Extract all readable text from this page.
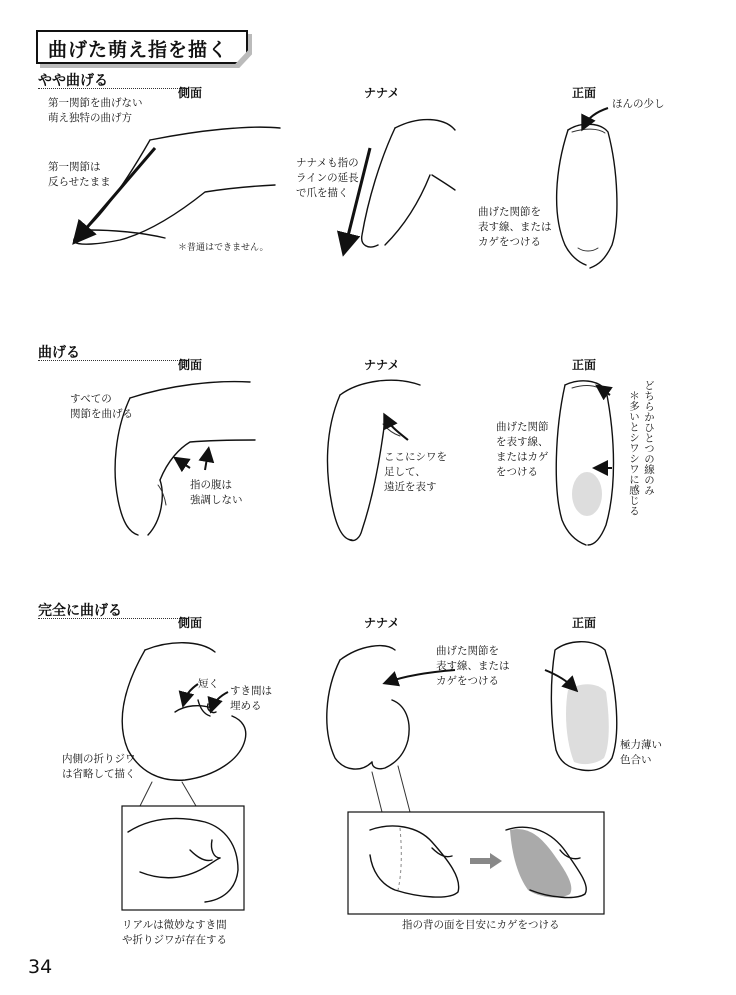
曲げた萌え指を描く
やや曲げる
曲げる
完全に曲げる
側面	ナナメ	正面
側面	ナナメ	正面
側面	ナナメ	正面
第一関節を曲げない
萌え独特の曲げ方
第一関節は
反らせたまま
＊普通はできません。
ナナメも指の
ラインの延長
で爪を描く
ほんの少し
曲げた関節を
表す線、または
カゲをつける
すべての
関節を曲げる
指の腹は
強調しない
ここにシワを
足して、
遠近を表す
曲げた関節
を表す線、
またはカゲ
をつける	どちらかひとつの線のみ
＊多いとシワシワに感じる
短く
すき間は
埋める
内側の折りジワ
は省略して描く
リアルは微妙なすき間
や折りジワが存在する
曲げた関節を
表す線、または
カゲをつける
極力薄い
色合い
指の背の面を目安にカゲをつける
34
